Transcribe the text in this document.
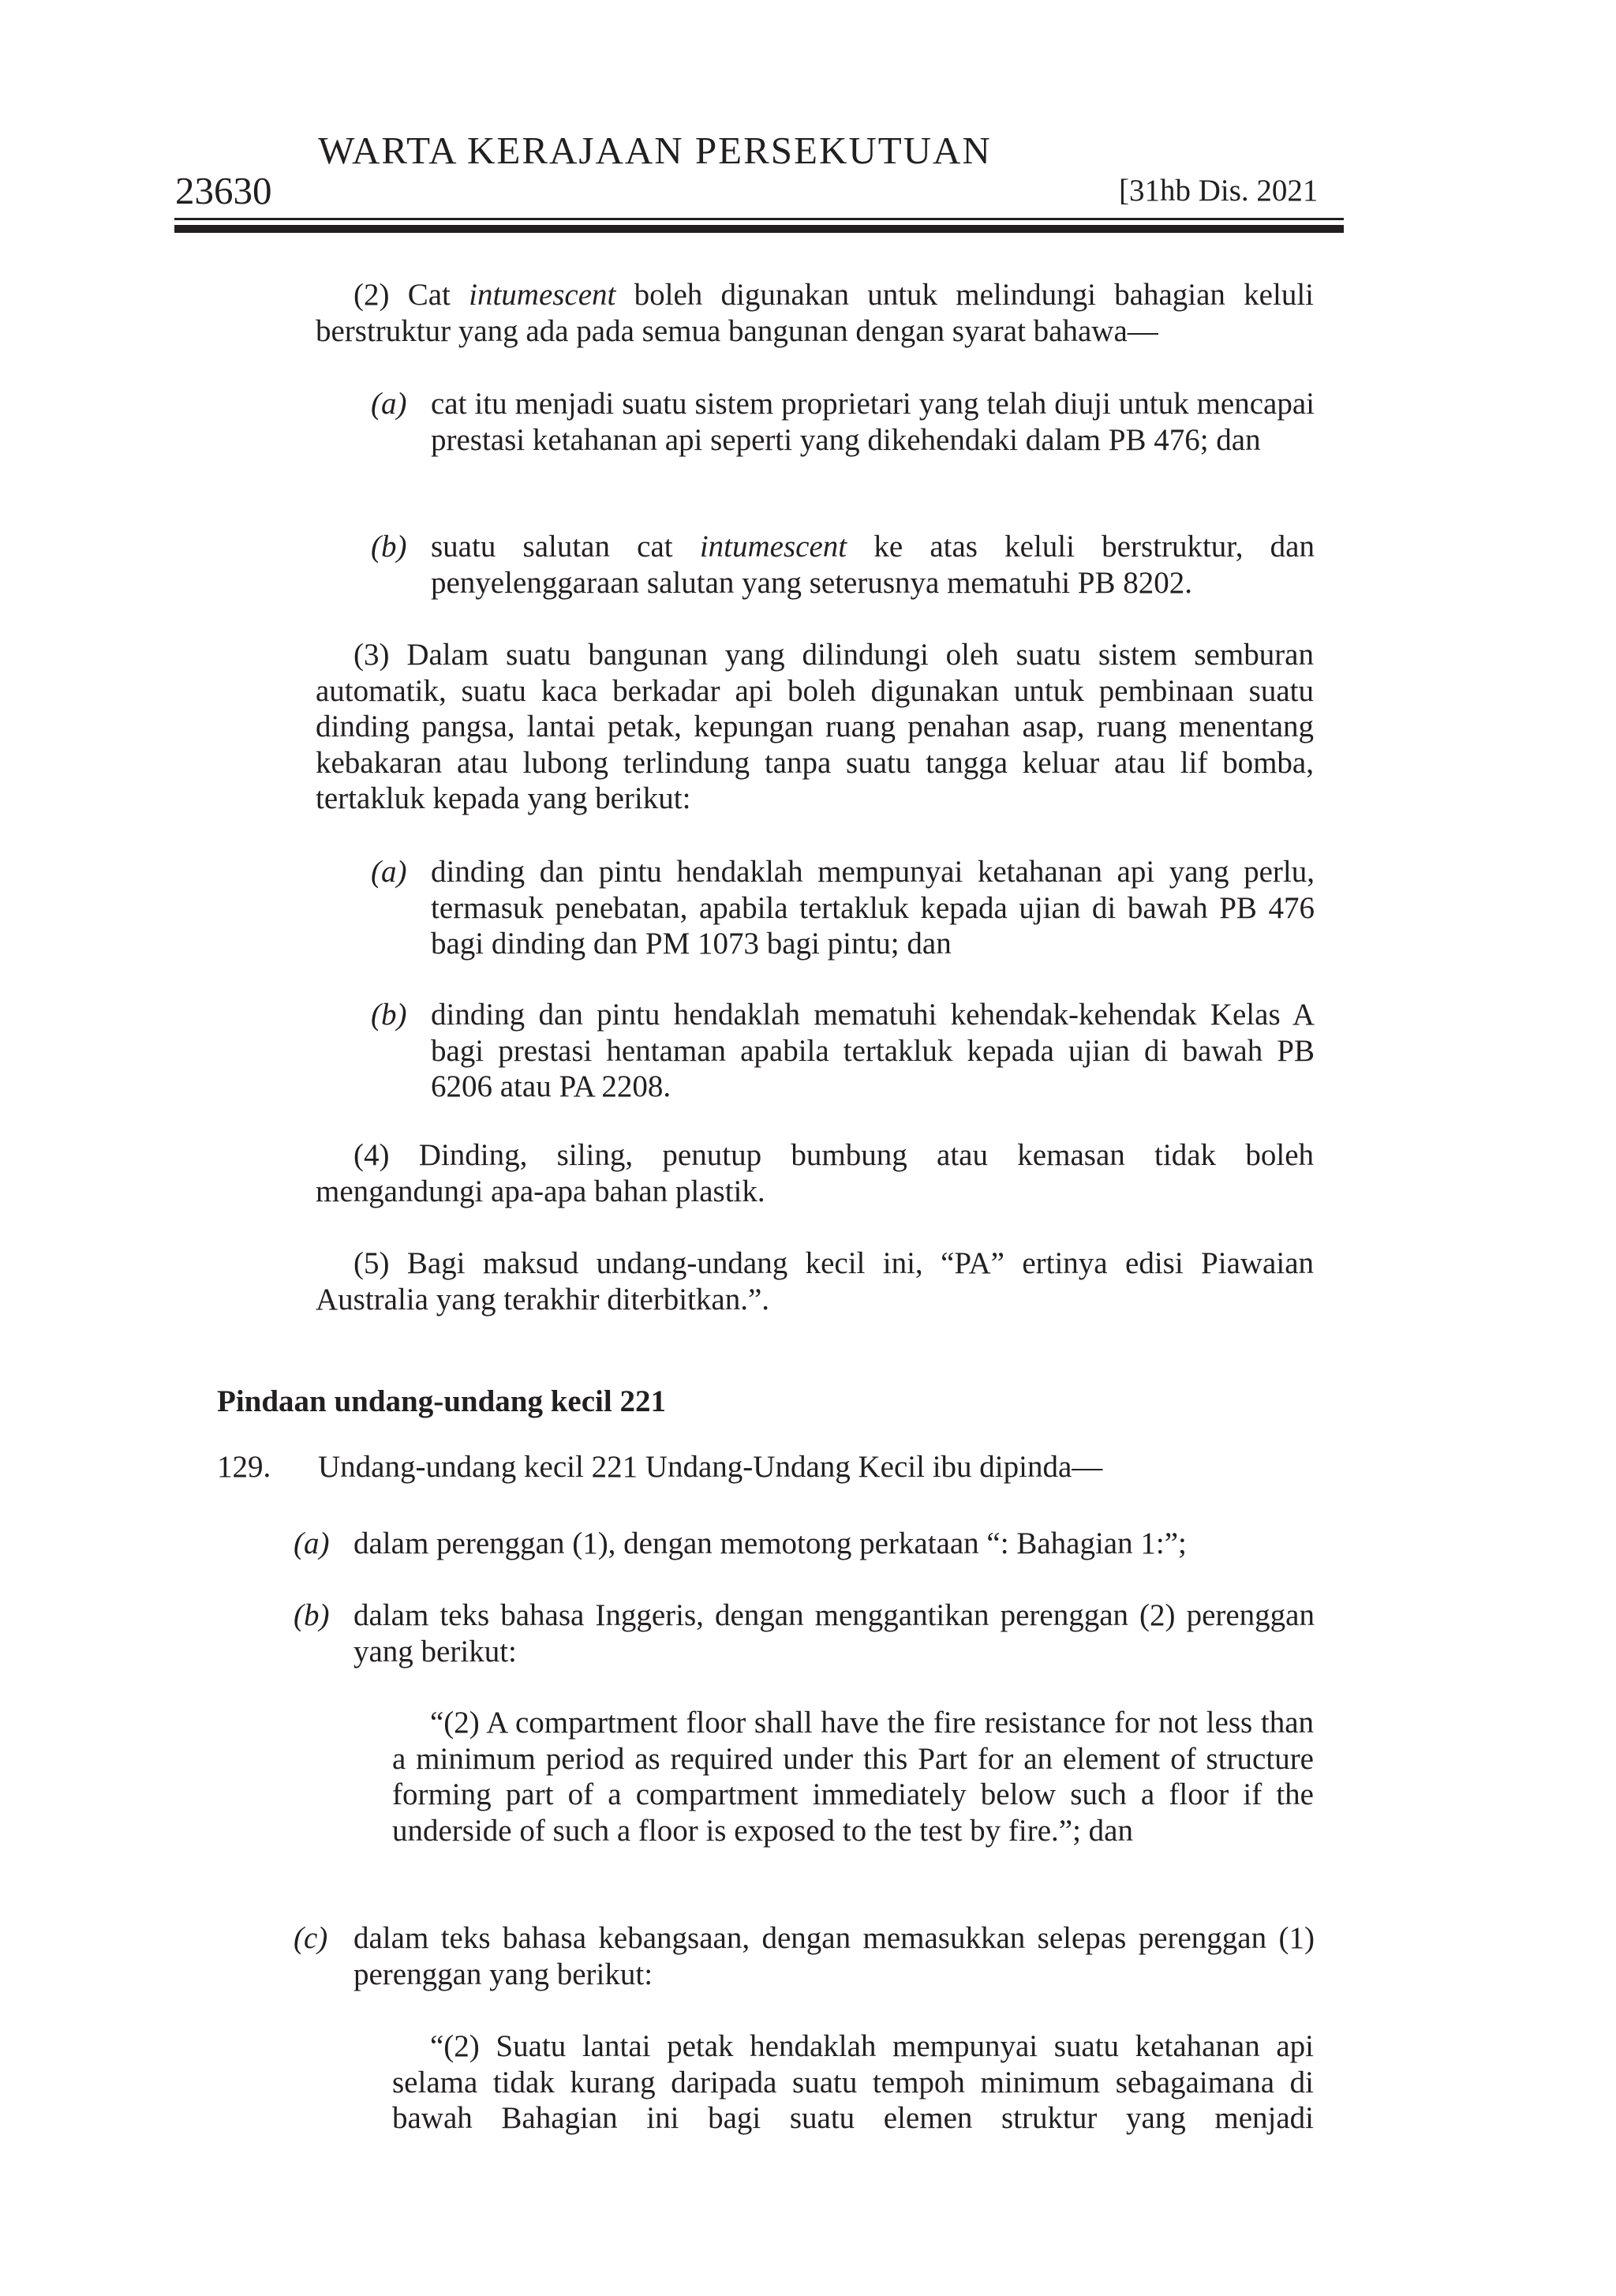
WARTA KERAJAAN PERSEKUTUAN
23630	[31hb Dis. 2021
(2) Cat intumescent boleh digunakan untuk melindungi bahagian keluli berstruktur yang ada pada semua bangunan dengan syarat bahawa—
(a) cat itu menjadi suatu sistem proprietari yang telah diuji untuk mencapai prestasi ketahanan api seperti yang dikehendaki dalam PB 476; dan
(b) suatu salutan cat intumescent ke atas keluli berstruktur, dan penyelenggaraan salutan yang seterusnya mematuhi PB 8202.
(3) Dalam suatu bangunan yang dilindungi oleh suatu sistem semburan automatik, suatu kaca berkadar api boleh digunakan untuk pembinaan suatu dinding pangsa, lantai petak, kepungan ruang penahan asap, ruang menentang kebakaran atau lubong terlindung tanpa suatu tangga keluar atau lif bomba, tertakluk kepada yang berikut:
(a) dinding dan pintu hendaklah mempunyai ketahanan api yang perlu, termasuk penebatan, apabila tertakluk kepada ujian di bawah PB 476 bagi dinding dan PM 1073 bagi pintu; dan
(b) dinding dan pintu hendaklah mematuhi kehendak-kehendak Kelas A bagi prestasi hentaman apabila tertakluk kepada ujian di bawah PB 6206 atau PA 2208.
(4) Dinding, siling, penutup bumbung atau kemasan tidak boleh mengandungi apa-apa bahan plastik.
(5) Bagi maksud undang-undang kecil ini, “PA” ertinya edisi Piawaian Australia yang terakhir diterbitkan.”.
Pindaan undang-undang kecil 221
129. Undang-undang kecil 221 Undang-Undang Kecil ibu dipinda—
(a) dalam perenggan (1), dengan memotong perkataan “: Bahagian 1:”;
(b) dalam teks bahasa Inggeris, dengan menggantikan perenggan (2) perenggan yang berikut:
“(2) A compartment floor shall have the fire resistance for not less than a minimum period as required under this Part for an element of structure forming part of a compartment immediately below such a floor if the underside of such a floor is exposed to the test by fire.”; dan
(c) dalam teks bahasa kebangsaan, dengan memasukkan selepas perenggan (1) perenggan yang berikut:
“(2) Suatu lantai petak hendaklah mempunyai suatu ketahanan api selama tidak kurang daripada suatu tempoh minimum sebagaimana di bawah Bahagian ini bagi suatu elemen struktur yang menjadi
